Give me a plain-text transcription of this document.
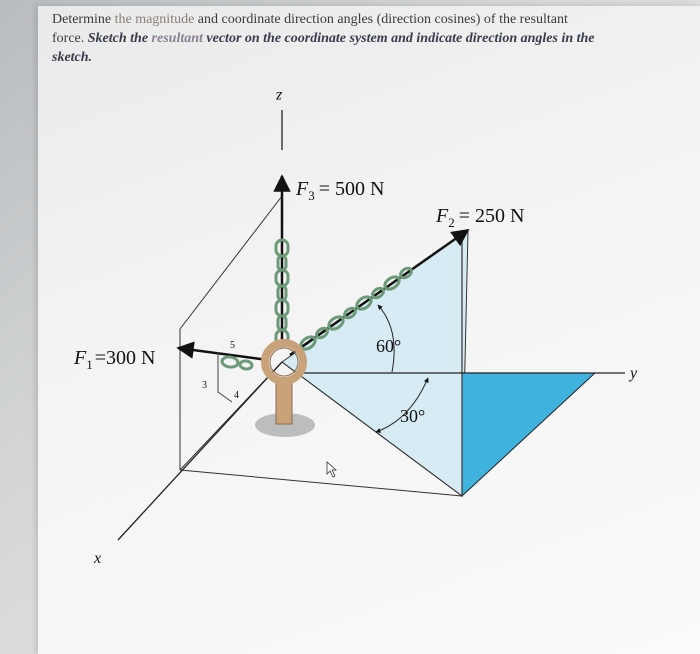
Determine the magnitude and coordinate direction angles (direction cosines) of the resultant
force. Sketch the resultant vector on the coordinate system and indicate direction angles in the
sketch.
z
y
x
5
3
4
60°
30°
$F_3 = 500$ N
$F_2 = 250$ N
$F_1 =300$ N
